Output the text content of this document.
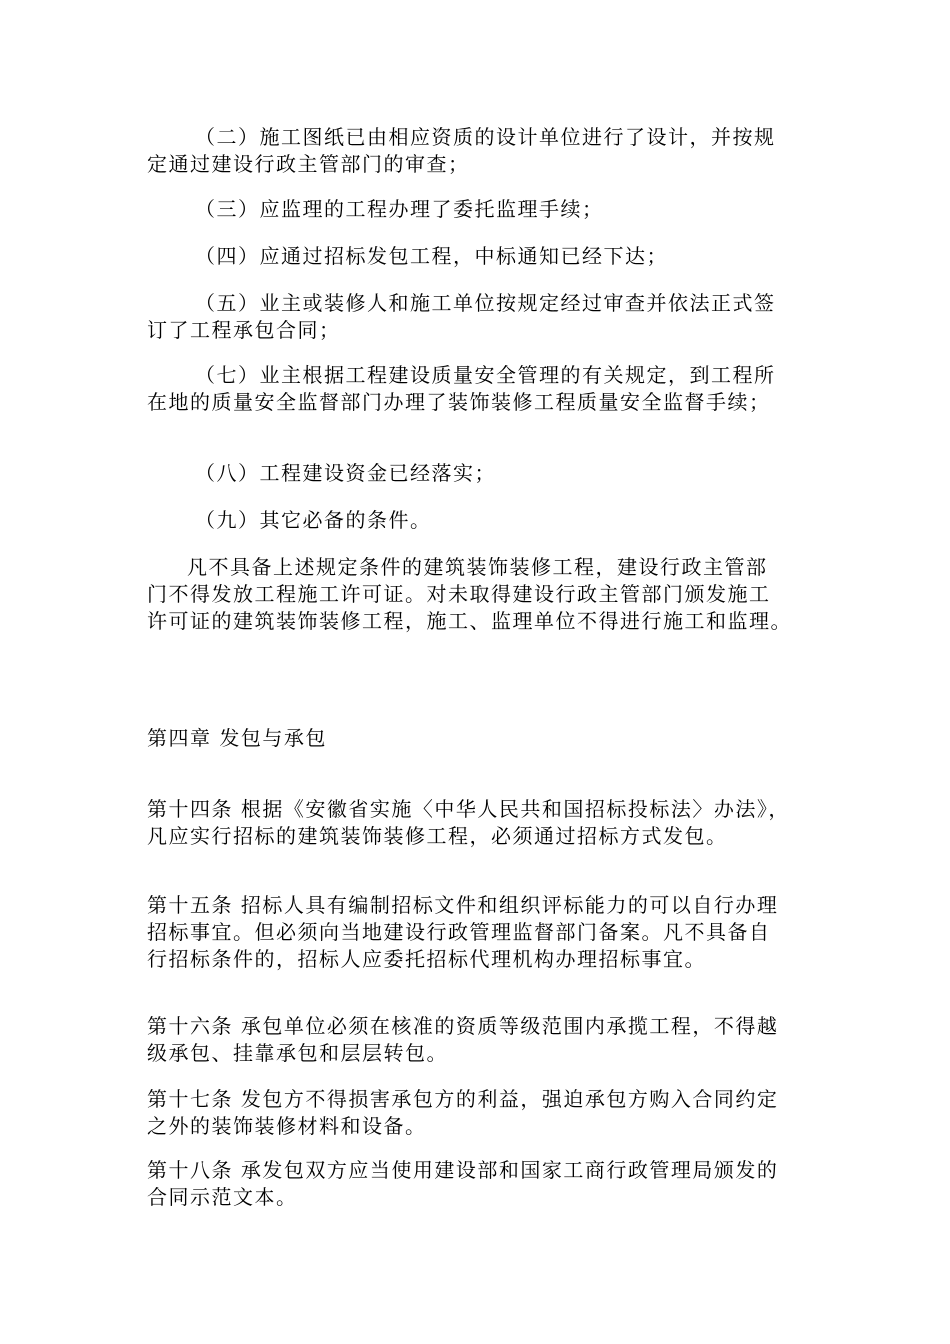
（二）施工图纸已由相应资质的设计单位进行了设计，并按规
定通过建设行政主管部门的审查；

（三）应监理的工程办理了委托监理手续；

（四）应通过招标发包工程，中标通知已经下达；

（五）业主或装修人和施工单位按规定经过审查并依法正式签
订了工程承包合同；

（七）业主根据工程建设质量安全管理的有关规定，到工程所
在地的质量安全监督部门办理了装饰装修工程质量安全监督手续；

（八）工程建设资金已经落实；

（九）其它必备的条件。

凡不具备上述规定条件的建筑装饰装修工程，建设行政主管部
门不得发放工程施工许可证。对未取得建设行政主管部门颁发施工
许可证的建筑装饰装修工程，施工、监理单位不得进行施工和监理。

第四章 发包与承包

第十四条 根据《安徽省实施〈中华人民共和国招标投标法〉办法》，
凡应实行招标的建筑装饰装修工程，必须通过招标方式发包。

第十五条 招标人具有编制招标文件和组织评标能力的可以自行办理
招标事宜。但必须向当地建设行政管理监督部门备案。凡不具备自
行招标条件的，招标人应委托招标代理机构办理招标事宜。

第十六条 承包单位必须在核准的资质等级范围内承揽工程，不得越
级承包、挂靠承包和层层转包。

第十七条 发包方不得损害承包方的利益，强迫承包方购入合同约定
之外的装饰装修材料和设备。

第十八条 承发包双方应当使用建设部和国家工商行政管理局颁发的
合同示范文本。
